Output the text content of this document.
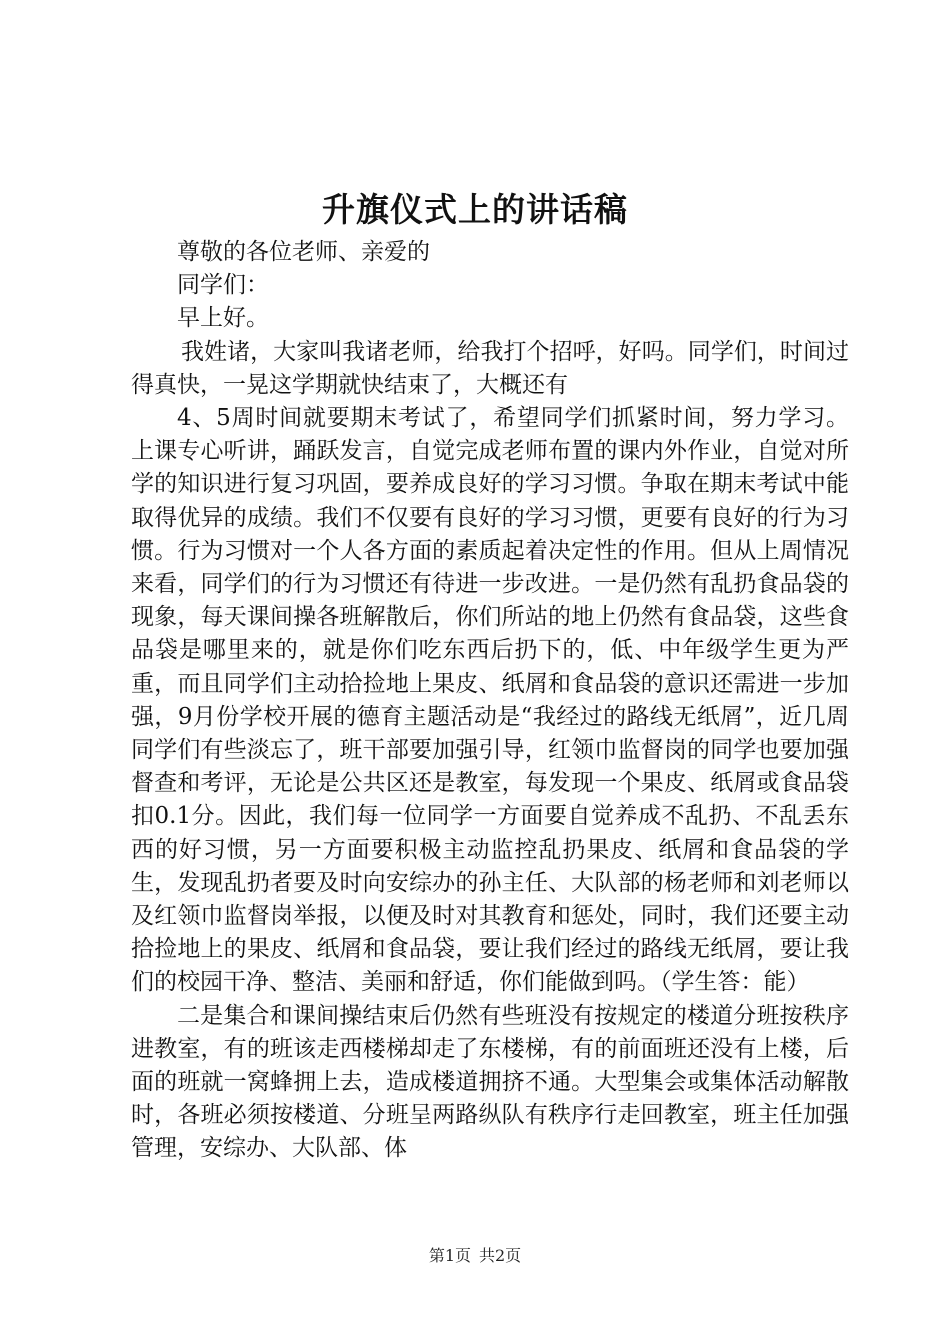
升旗仪式上的讲话稿

尊敬的各位老师、亲爱的

同学们：

早上好。

我姓诸，大家叫我诸老师，给我打个招呼，好吗。同学们，时间过得真快，一晃这学期就快结束了，大概还有

4、5周时间就要期末考试了，希望同学们抓紧时间，努力学习。上课专心听讲，踊跃发言，自觉完成老师布置的课内外作业，自觉对所学的知识进行复习巩固，要养成良好的学习习惯。争取在期末考试中能取得优异的成绩。我们不仅要有良好的学习习惯，更要有良好的行为习惯。行为习惯对一个人各方面的素质起着决定性的作用。但从上周情况来看，同学们的行为习惯还有待进一步改进。一是仍然有乱扔食品袋的现象，每天课间操各班解散后，你们所站的地上仍然有食品袋，这些食品袋是哪里来的，就是你们吃东西后扔下的，低、中年级学生更为严重，而且同学们主动拾捡地上果皮、纸屑和食品袋的意识还需进一步加强，9月份学校开展的德育主题活动是“我经过的路线无纸屑”，近几周同学们有些淡忘了，班干部要加强引导，红领巾监督岗的同学也要加强督查和考评，无论是公共区还是教室，每发现一个果皮、纸屑或食品袋扣0.1分。因此，我们每一位同学一方面要自觉养成不乱扔、不乱丢东西的好习惯，另一方面要积极主动监控乱扔果皮、纸屑和食品袋的学生，发现乱扔者要及时向安综办的孙主任、大队部的杨老师和刘老师以及红领巾监督岗举报，以便及时对其教育和惩处，同时，我们还要主动拾捡地上的果皮、纸屑和食品袋，要让我们经过的路线无纸屑，要让我们的校园干净、整洁、美丽和舒适，你们能做到吗。（学生答：能）

二是集合和课间操结束后仍然有些班没有按规定的楼道分班按秩序进教室，有的班该走西楼梯却走了东楼梯，有的前面班还没有上楼，后面的班就一窝蜂拥上去，造成楼道拥挤不通。大型集会或集体活动解散时，各班必须按楼道、分班呈两路纵队有秩序行走回教室，班主任加强管理，安综办、大队部、体

第1页 共2页
